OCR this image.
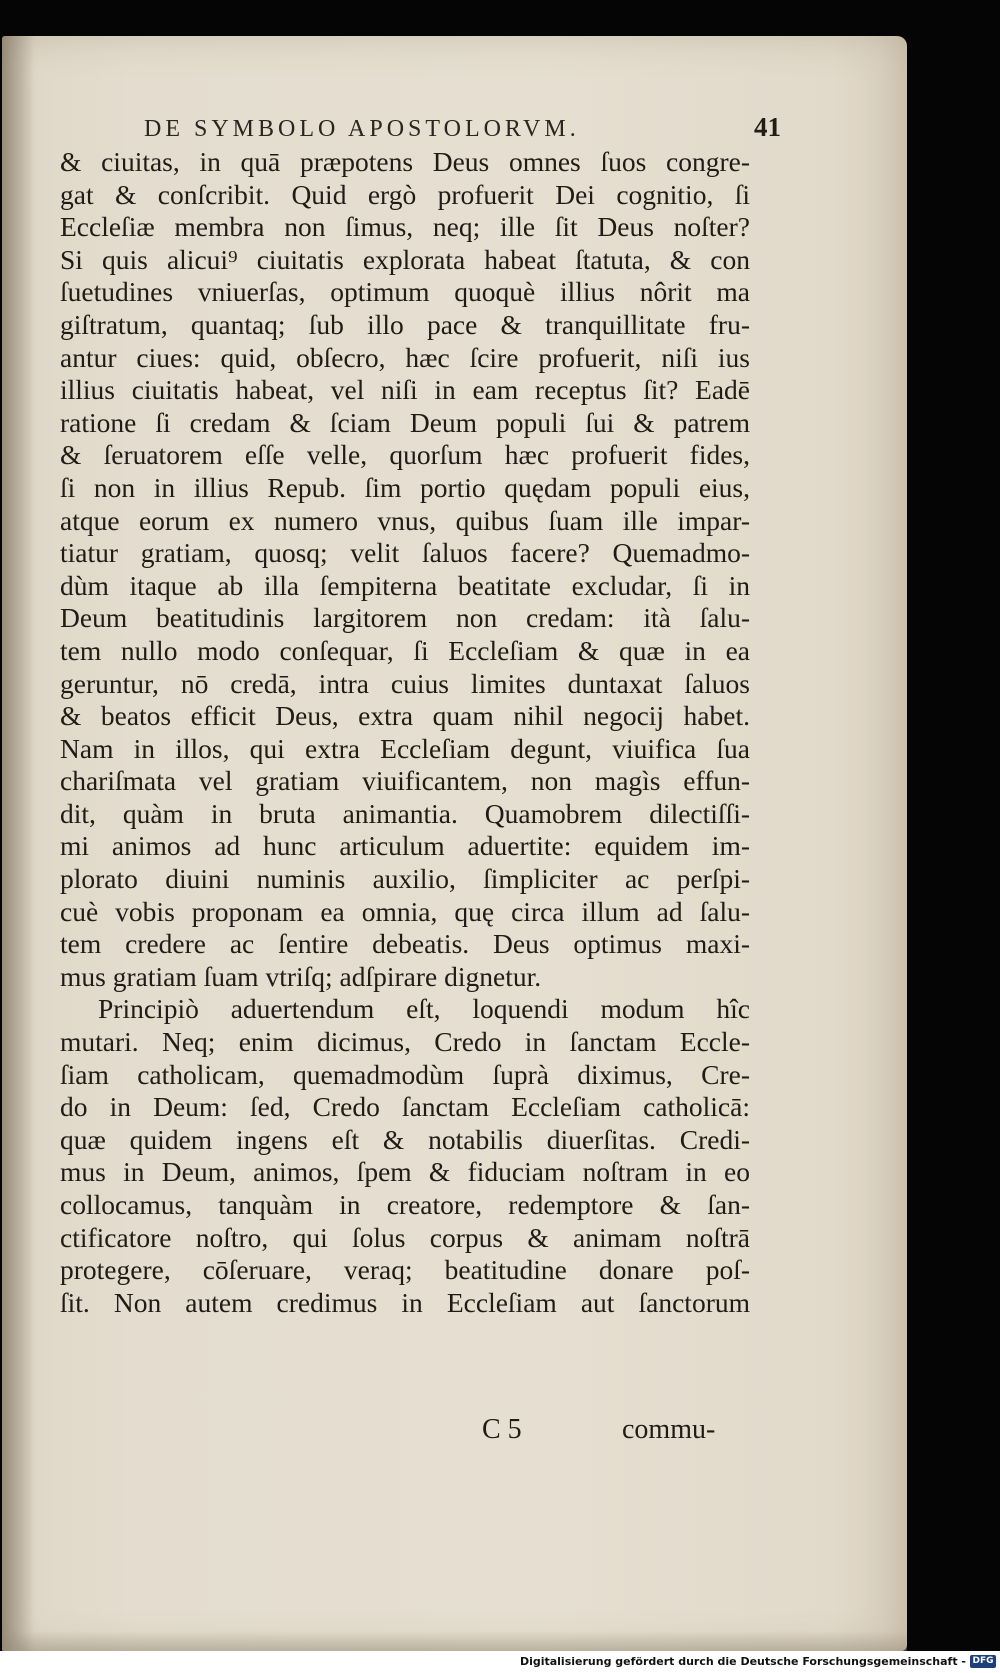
DE SYMBOLO APOSTOLORVM.	41
& ciuitas, in quā præpotens Deus omnes ſuos congre-
gat & conſcribit. Quid ergò profuerit Dei cognitio, ſi
Eccleſiæ membra non ſimus, neq; ille ſit Deus noſter?
Si quis alicui⁹ ciuitatis explorata habeat ſtatuta, & con
ſuetudines vniuerſas, optimum quoquè illius nôrit ma
giſtratum, quantaq; ſub illo pace & tranquillitate fru-
antur ciues: quid, obſecro, hæc ſcire profuerit, niſi ius
illius ciuitatis habeat, vel niſi in eam receptus ſit? Eadē
ratione ſi credam & ſciam Deum populi ſui & patrem
& ſeruatorem eſſe velle, quorſum hæc profuerit fides,
ſi non in illius Repub. ſim portio quędam populi eius,
atque eorum ex numero vnus, quibus ſuam ille impar-
tiatur gratiam, quosq; velit ſaluos facere? Quemadmo-
dùm itaque ab illa ſempiterna beatitate excludar, ſi in
Deum beatitudinis largitorem non credam: ità ſalu-
tem nullo modo conſequar, ſi Eccleſiam & quæ in ea
geruntur, nō credā, intra cuius limites duntaxat ſaluos
& beatos efficit Deus, extra quam nihil negocij habet.
Nam in illos, qui extra Eccleſiam degunt, viuifica ſua
chariſmata vel gratiam viuificantem, non magìs effun-
dit, quàm in bruta animantia. Quamobrem dilectiſſi-
mi animos ad hunc articulum aduertite: equidem im-
plorato diuini numinis auxilio, ſimpliciter ac perſpi-
cuè vobis proponam ea omnia, quę circa illum ad ſalu-
tem credere ac ſentire debeatis. Deus optimus maxi-
mus gratiam ſuam vtriſq; adſpirare dignetur.
Principiò aduertendum eſt, loquendi modum hîc
mutari. Neq; enim dicimus, Credo in ſanctam Eccle-
ſiam catholicam, quemadmodùm ſuprà diximus, Cre-
do in Deum: ſed, Credo ſanctam Eccleſiam catholicā:
quæ quidem ingens eſt & notabilis diuerſitas. Credi-
mus in Deum, animos, ſpem & fiduciam noſtram in eo
collocamus, tanquàm in creatore, redemptore & ſan-
ctificatore noſtro, qui ſolus corpus & animam noſtrā
protegere, cōſeruare, veraq; beatitudine donare poſ-
ſit. Non autem credimus in Eccleſiam aut ſanctorum
C 5	commu-
Digitalisierung gefördert durch die Deutsche Forschungsgemeinschaft - DFG
